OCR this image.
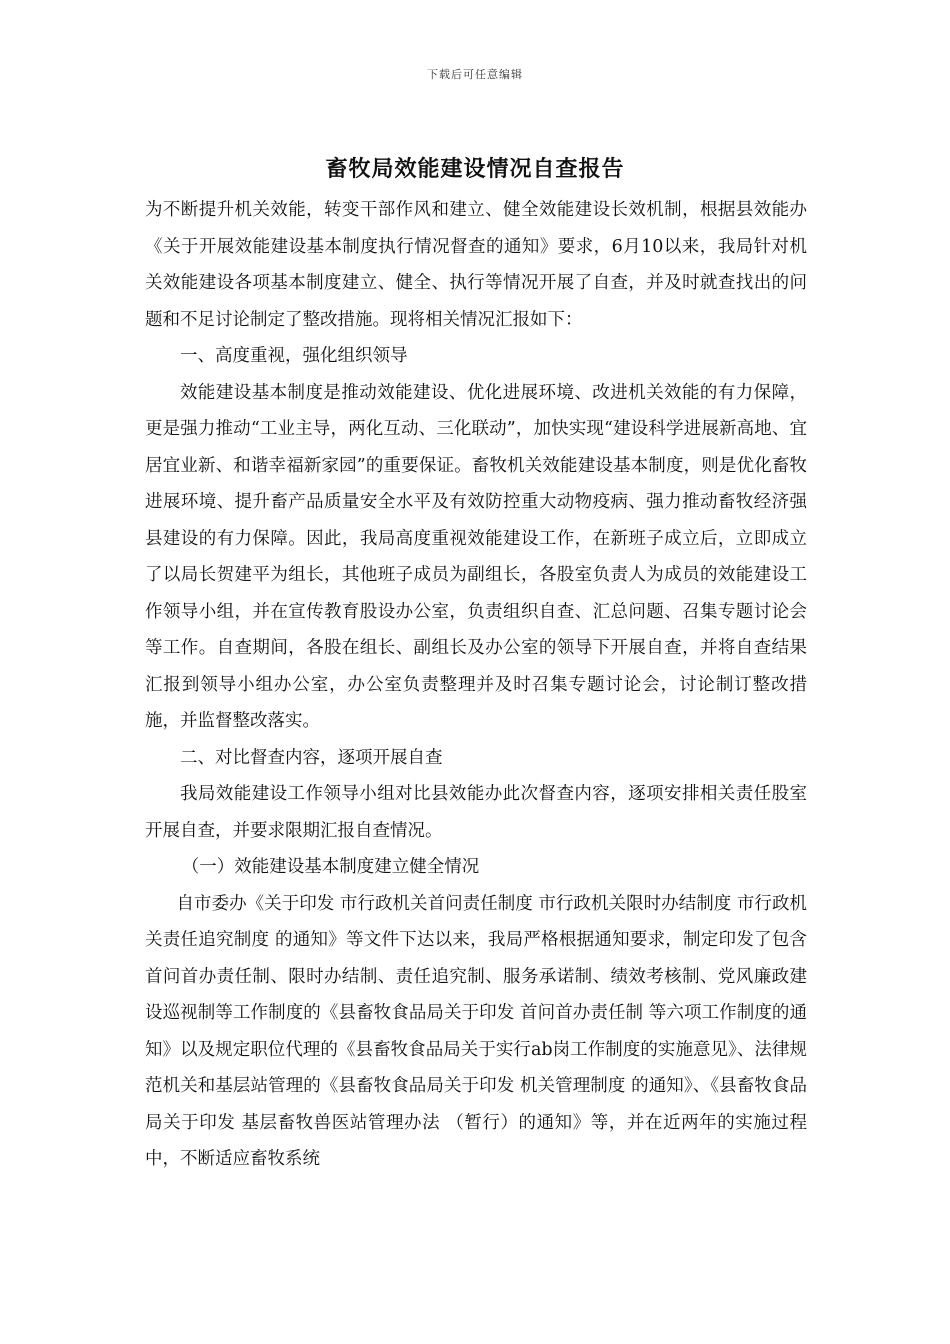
下载后可任意编辑
畜牧局效能建设情况自查报告

为不断提升机关效能，转变干部作风和建立、健全效能建设长效机制，根据县效能办《关于开展效能建设基本制度执行情况督查的通知》要求，6月10以来，我局针对机关效能建设各项基本制度建立、健全、执行等情况开展了自查，并及时就查找出的问题和不足讨论制定了整改措施。现将相关情况汇报如下：

一、高度重视，强化组织领导

效能建设基本制度是推动效能建设、优化进展环境、改进机关效能的有力保障，更是强力推动“工业主导，两化互动、三化联动”，加快实现“建设科学进展新高地、宜居宜业新、和谐幸福新家园”的重要保证。畜牧机关效能建设基本制度，则是优化畜牧进展环境、提升畜产品质量安全水平及有效防控重大动物疫病、强力推动畜牧经济强县建设的有力保障。因此，我局高度重视效能建设工作，在新班子成立后，立即成立了以局长贺建平为组长，其他班子成员为副组长，各股室负责人为成员的效能建设工作领导小组，并在宣传教育股设办公室，负责组织自查、汇总问题、召集专题讨论会等工作。自查期间，各股在组长、副组长及办公室的领导下开展自查，并将自查结果汇报到领导小组办公室，办公室负责整理并及时召集专题讨论会，讨论制订整改措施，并监督整改落实。

二、对比督查内容，逐项开展自查

我局效能建设工作领导小组对比县效能办此次督查内容，逐项安排相关责任股室开展自查，并要求限期汇报自查情况。

（一）效能建设基本制度建立健全情况

自市委办《关于印发 市行政机关首问责任制度 市行政机关限时办结制度 市行政机关责任追究制度 的通知》等文件下达以来，我局严格根据通知要求，制定印发了包含首问首办责任制、限时办结制、责任追究制、服务承诺制、绩效考核制、党风廉政建设巡视制等工作制度的《县畜牧食品局关于印发 首问首办责任制 等六项工作制度的通知》以及规定职位代理的《县畜牧食品局关于实行ab岗工作制度的实施意见》、法律规范机关和基层站管理的《县畜牧食品局关于印发 机关管理制度 的通知》、《县畜牧食品局关于印发 基层畜牧兽医站管理办法 （暂行）的通知》等，并在近两年的实施过程中，不断适应畜牧系统
